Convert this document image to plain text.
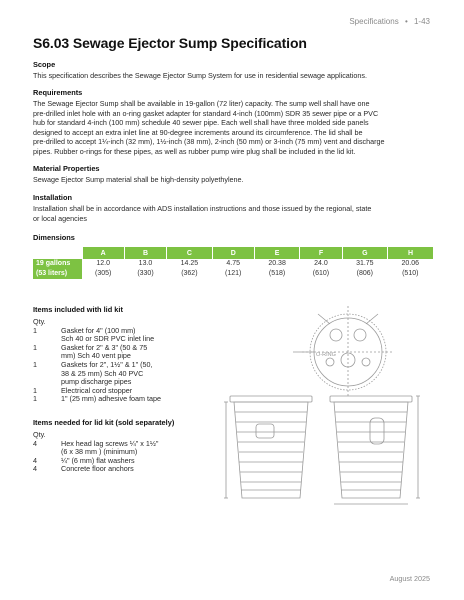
Specifications • 1-43
S6.03 Sewage Ejector Sump Specification
Scope
This specification describes the Sewage Ejector Sump System for use in residential sewage applications.
Requirements
The Sewage Ejector Sump shall be available in 19-gallon (72 liter) capacity. The sump well shall have one
pre-drilled inlet hole with an o-ring gasket adapter for standard 4-inch (100mm) SDR 35 sewer pipe or a PVC
hub for standard 4-inch (100 mm) schedule 40 sewer pipe. Each well shall have three molded side panels
designed to accept an extra inlet line at 90-degree increments around its circumference. The lid shall be
pre-drilled to accept 1¼-inch (32 mm), 1½-inch (38 mm), 2-inch (50 mm) or 3-inch (75 mm) vent and discharge
pipes. Rubber o-rings for these pipes, as well as rubber pump wire plug shall be included in the lid kit.
Material Properties
Sewage Ejector Sump material shall be high-density polyethylene.
Installation
Installation shall be in accordance with ADS installation instructions and those issued by the regional, state
or local agencies
Dimensions
	A	B	C	D	E	F	G	H
19 gallons	12.0	13.0	14.25	4.75	20.38	24.0	31.75	20.06
(53 liters)	(305)	(330)	(362)	(121)	(518)	(610)	(806)	(510)
Items included with lid kit
Qty.
1	Gasket for 4" (100 mm)
Sch 40 or SDR PVC inlet line
1	Gasket for 2" & 3" (50 & 75
mm) Sch 40 vent pipe
1	Gaskets for 2", 1½" & 1" (50,
38 & 25 mm) Sch 40 PVC
pump discharge pipes
1	Electrical cord stopper
1	1" (25 mm) adhesive foam tape
Items needed for lid kit (sold separately)
Qty.
4	Hex head lag screws ¼" x 1½"
(6 x 38 mm ) (minimum)
4	¼" (6 mm) flat washers
4	Concrete floor anchors
O-RING
August 2025
